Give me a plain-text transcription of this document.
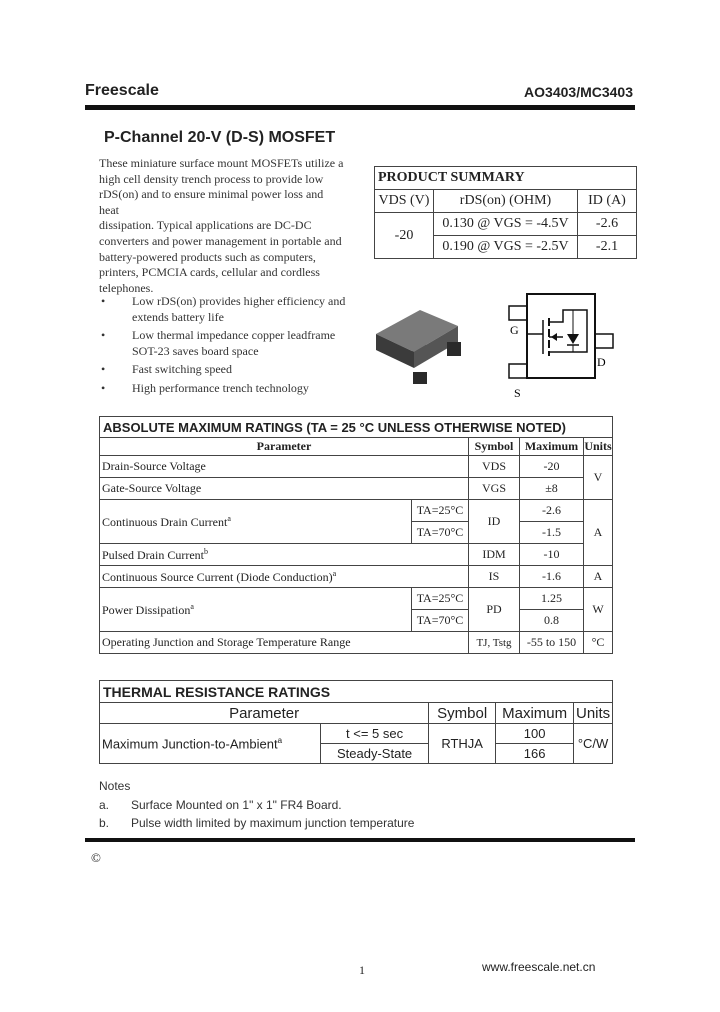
Freescale	AO3403/MC3403
P-Channel 20-V (D-S) MOSFET
These miniature surface mount MOSFETs utilize a
high cell density trench process to provide low
rDS(on) and to ensure minimal power loss and heat
dissipation. Typical applications are DC-DC
converters and power management in portable and
battery-powered products such as computers,
printers, PCMCIA cards, cellular and cordless
telephones.
• Low rDS(on) provides higher efficiency and extends battery life
• Low thermal impedance copper leadframe SOT-23 saves board space
• Fast switching speed
• High performance trench technology
PRODUCT SUMMARY		
VDS (V)	rDS(on) (OHM)	ID (A)
-20	0.130 @ VGS = -4.5V	-2.6
	0.190 @ VGS = -2.5V	-2.1
G
S
D
ABSOLUTE MAXIMUM RATINGS (TA = 25 °C UNLESS OTHERWISE NOTED)				
Parameter		Symbol	Maximum	Units
Drain-Source Voltage		VDS	-20	V
Gate-Source Voltage		VGS	±8	
Continuous Drain Current$^a$	TA=25°C	ID	-2.6	A
	TA=70°C		-1.5	
Pulsed Drain Current$^b$		IDM	-10	
Continuous Source Current (Diode Conduction)$^a$		IS	-1.6	A
Power Dissipation$^a$	TA=25°C	PD	1.25	W
	TA=70°C		0.8	
Operating Junction and Storage Temperature Range		TJ, Tstg	-55 to 150	°C
THERMAL RESISTANCE RATINGS				
Parameter		Symbol	Maximum	Units
Maximum Junction-to-Ambient$^a$	t <= 5 sec	RTHJA	100	°C/W
	Steady-State		166	
Notes
a. Surface Mounted on 1" x 1" FR4 Board.
b. Pulse width limited by maximum junction temperature
©
1	www.freescale.net.cn
